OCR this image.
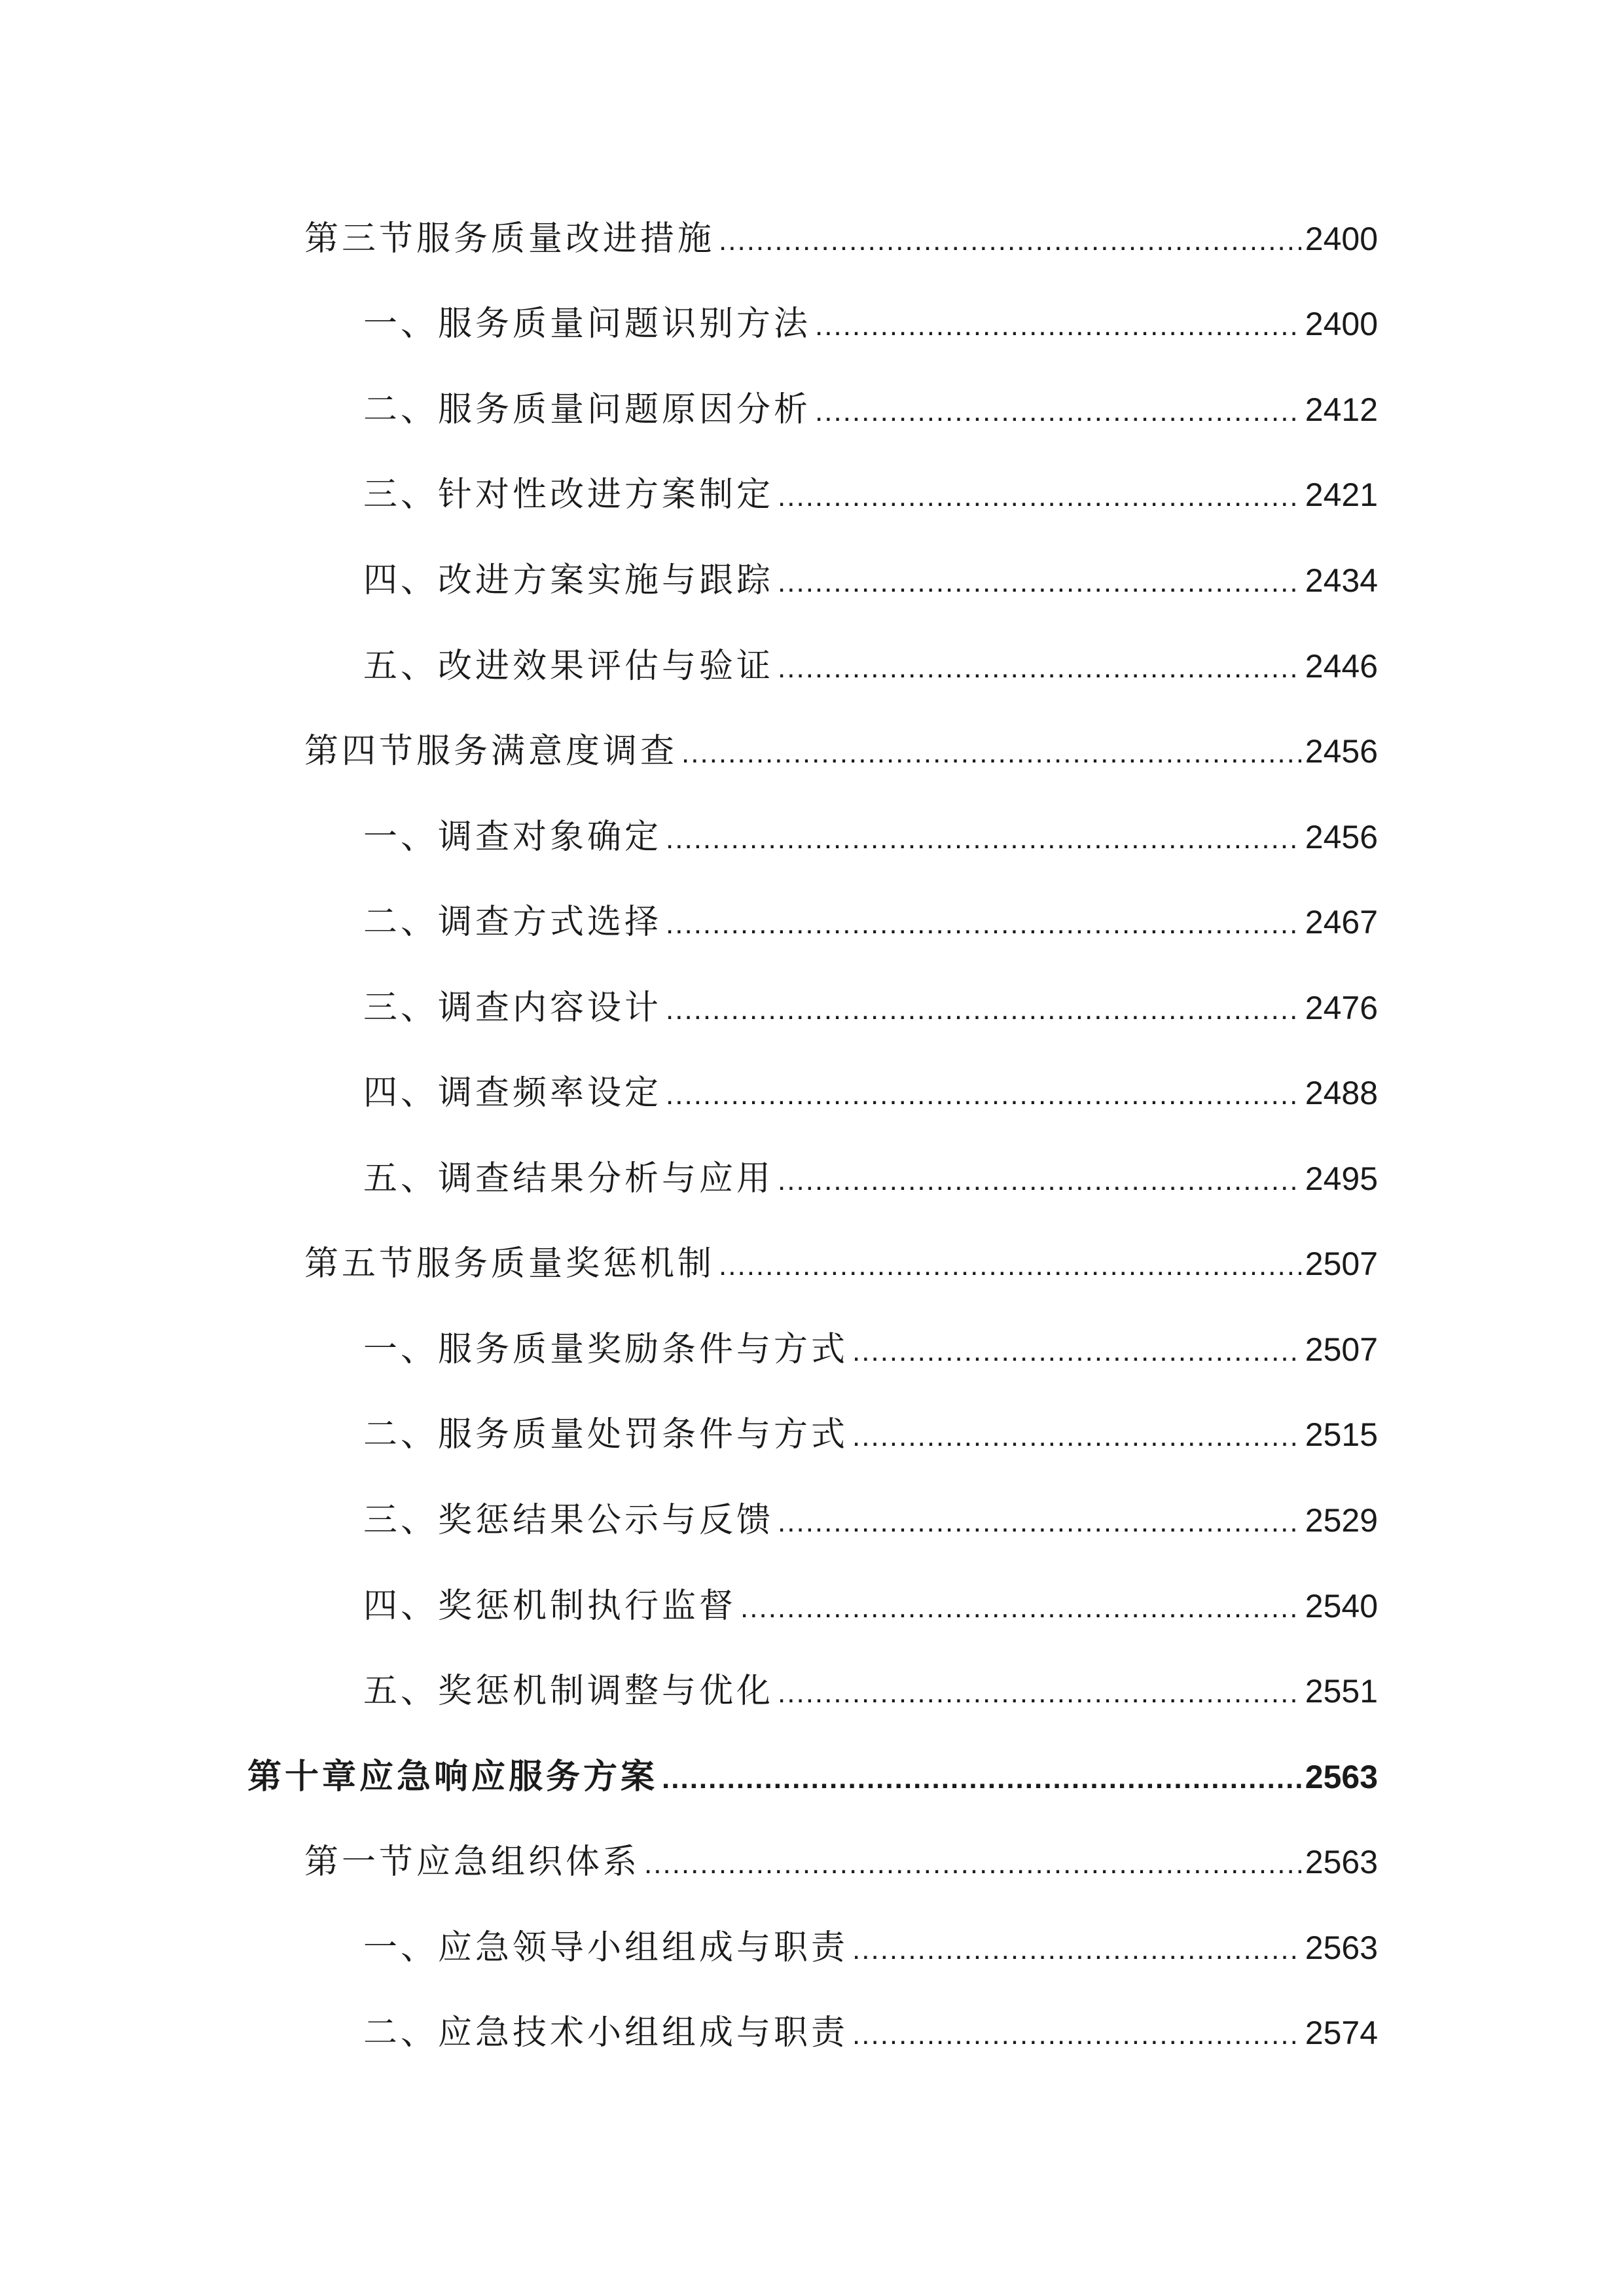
第三节服务质量改进措施 .....	2400
一、服务质量问题识别方法 .....	2400
二、服务质量问题原因分析 .....	2412
三、针对性改进方案制定 .....	2421
四、改进方案实施与跟踪 .....	2434
五、改进效果评估与验证 .....	2446
第四节服务满意度调查 .....	2456
一、调查对象确定 .....	2456
二、调查方式选择 .....	2467
三、调查内容设计 .....	2476
四、调查频率设定 .....	2488
五、调查结果分析与应用 .....	2495
第五节服务质量奖惩机制 .....	2507
一、服务质量奖励条件与方式 .....	2507
二、服务质量处罚条件与方式 .....	2515
三、奖惩结果公示与反馈 .....	2529
四、奖惩机制执行监督 .....	2540
五、奖惩机制调整与优化 .....	2551
第十章应急响应服务方案 .....	2563
第一节应急组织体系 .....	2563
一、应急领导小组组成与职责 .....	2563
二、应急技术小组组成与职责 .....	2574
